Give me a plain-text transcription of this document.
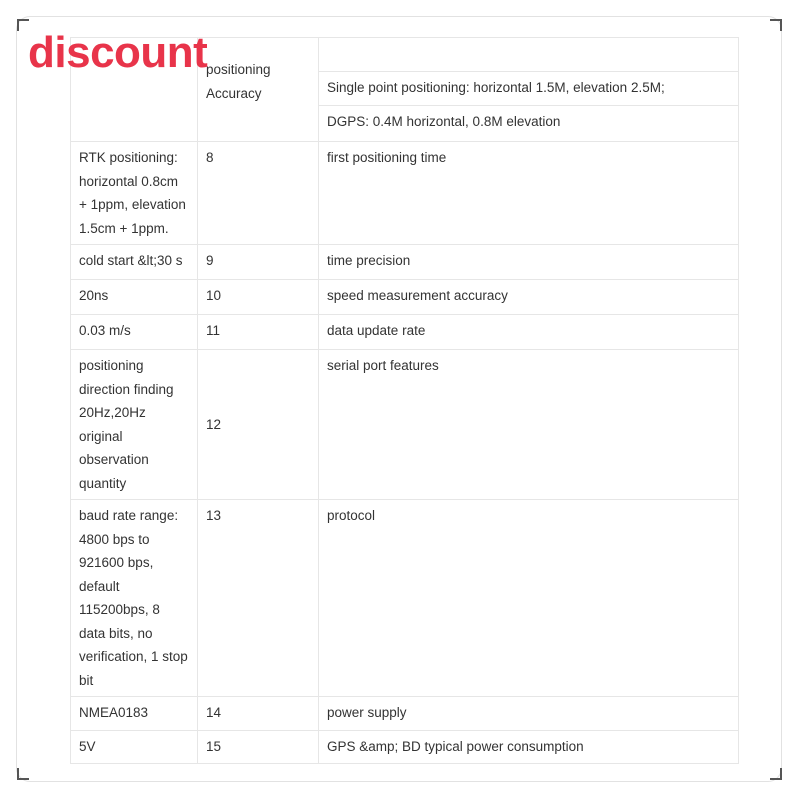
discount
	positioning Accuracy	
		Single point positioning: horizontal 1.5M, elevation 2.5M;
		DGPS: 0.4M horizontal, 0.8M elevation
RTK positioning: horizontal 0.8cm + 1ppm, elevation 1.5cm + 1ppm.	8	first positioning time
cold start &lt;30 s	9	time precision
20ns	10	speed measurement accuracy
0.03 m/s	11	data update rate
positioning direction finding 20Hz,20Hz original observation quantity	12	serial port features
baud rate range: 4800 bps to 921600 bps, default 115200bps, 8 data bits, no verification, 1 stop bit	13	protocol
NMEA0183	14	power supply
5V	15	GPS &amp; BD typical power consumption
